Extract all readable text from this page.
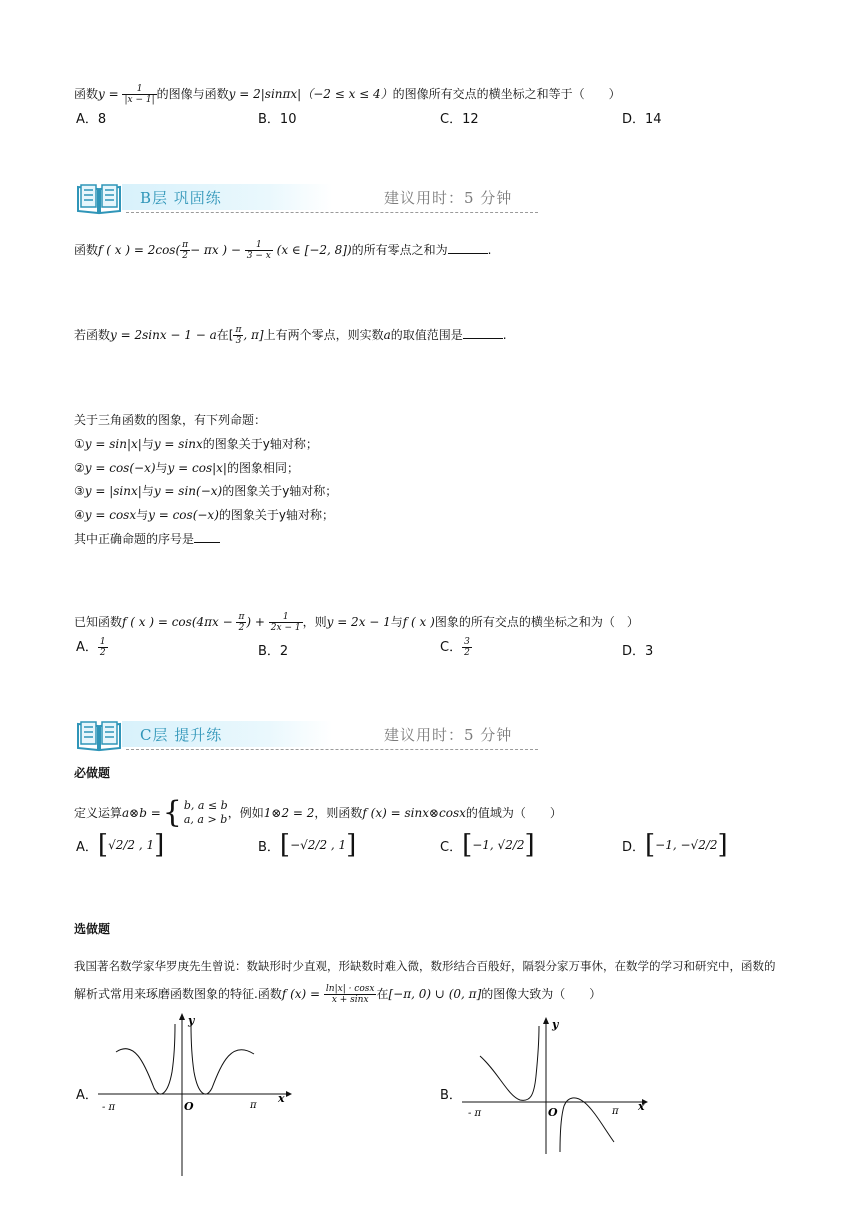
函数$y = \frac{1}{|x - 1|}$ 的图像与函数y = 2|sinπx|（−2 ≤ x ≤ 4）的图像所有交点的横坐标之和等于（　　）
A．8	B．10	C．12	D．14
B层 巩固练	建议用时：5 分钟
函数f ( x ) = $2\cos( \frac{\pi}{2} - \pi x$ ) − $\frac{1}{3 - x} (x$ ∈ [−2, 8])的所有零点之和为	.
若函数y = 2sinx − 1 − a在[ $\frac{\pi}{3}$ , π]上有两个零点，则实数a的取值范围是	.
关于三角函数的图象，有下列命题：
①y = sin|x|与y = sinx的图象关于y轴对称；
②y = cos(−x)与y = cos|x|的图象相同；
③y = |sinx|与y = sin(−x)的图象关于y轴对称；
④y = cosx与y = cos(−x)的图象关于y轴对称；
其中正确命题的序号是
已知函数f ( x ) = $\cos(4\pi x - \frac{\pi}{2}$ ) + $\frac{1}{2x - 1}$ ，则y = 2x − 1与f ( x )图象的所有交点的横坐标之和为（　）
A． $\frac{1}{2}$	B．2	C． $\frac{3}{2}$	D．3
C层 提升练	建议用时：5 分钟
必做题
定义运算 a⊗b = { b, a ≤ b
a, a > b ，例如 1⊗2 = 2 ，则函数 f (x) = sinx⊗cosx 的值域为（　　）
A． [ √2/2 , 1 ]	B． [ −√2/2 , 1 ]	C． [ −1, √2/2 ]	D． [ −1, −√2/2 ]
选做题
我国著名数学家华罗庚先生曾说：数缺形时少直观，形缺数时难入微，数形结合百般好，隔裂分家万事休，在数学的学习和研究中，函数的
解析式常用来琢磨函数图象的特征.函数f $(x) = \frac{\ln|x| \cdot \cos x}{x + \sin x}$ 在[−π, 0) ∪ (0, π]的图像大致为（　　）
A．
- π	π
O
x
y
B．
- π	π
O	x
y
